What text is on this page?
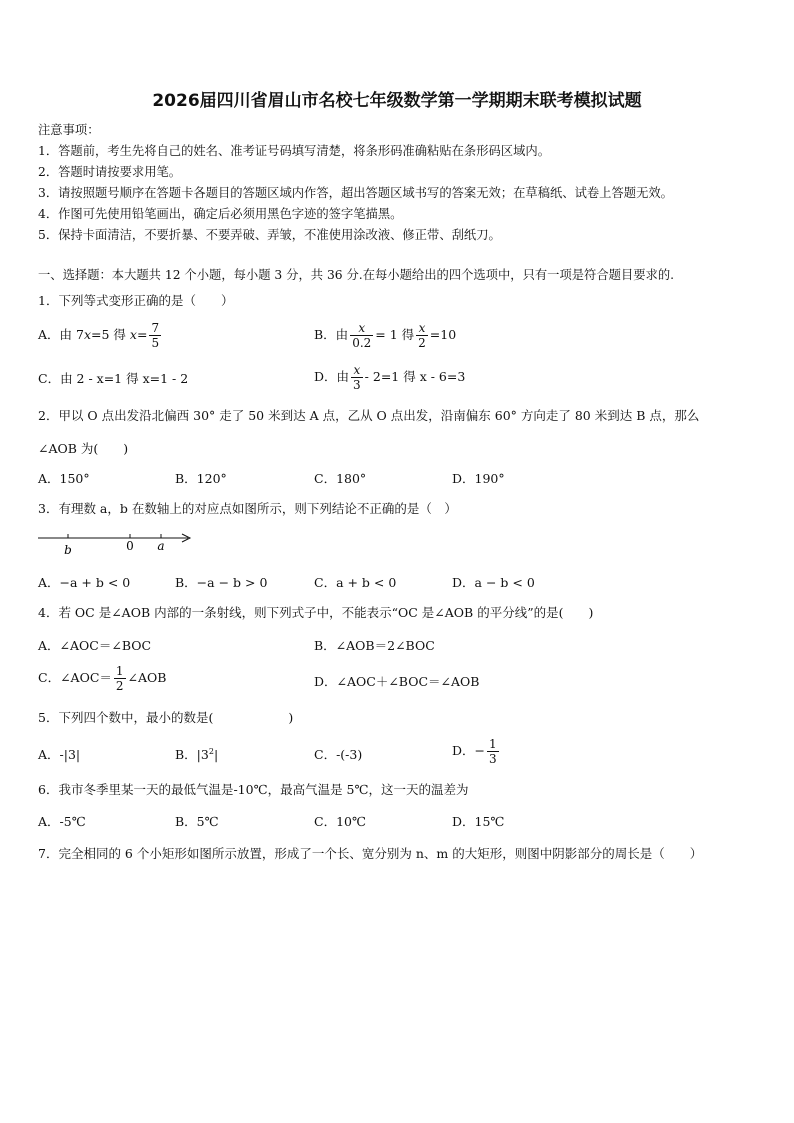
2026届四川省眉山市名校七年级数学第一学期期末联考模拟试题
注意事项：
1．答题前，考生先将自己的姓名、准考证号码填写清楚，将条形码准确粘贴在条形码区域内。
2．答题时请按要求用笔。
3．请按照题号顺序在答题卡各题目的答题区域内作答，超出答题区域书写的答案无效；在草稿纸、试卷上答题无效。
4．作图可先使用铅笔画出，确定后必须用黑色字迹的签字笔描黑。
5．保持卡面清洁，不要折暴、不要弄破、弄皱，不准使用涂改液、修正带、刮纸刀。
一、选择题：本大题共 12 个小题，每小题 3 分，共 36 分.在每小题给出的四个选项中，只有一项是符合题目要求的.
1．下列等式变形正确的是（　　）
A．由 7x=5 得 $x= \frac{7}{5}$	B．由 $\frac{x}{0.2} = 1$ 得 $\frac{x}{2} =10$
C．由 2 - x=1 得 x=1 - 2	D．由 $\frac{x}{3} - 2=1$ 得 x - 6=3
2．甲以 O 点出发沿北偏西 30° 走了 50 米到达 A 点，乙从 O 点出发，沿南偏东 60° 方向走了 80 米到达 B 点，那么
∠AOB 为(　　)
A．150°	B．120°	C．180°	D．190°
3．有理数 a，b 在数轴上的对应点如图所示，则下列结论不正确的是（　）
b	0 a
A．−a + b < 0	B．−a − b > 0	C．a + b < 0	D．a − b < 0
4．若 OC 是∠AOB 内部的一条射线，则下列式子中，不能表示“OC 是∠AOB 的平分线”的是(　　)
A．∠AOC＝∠BOC	B．∠AOB＝2∠BOC
C．∠AOC＝ $\frac{1}{2}$ ∠AOB	D．∠AOC＋∠BOC＝∠AOB
5．下列四个数中，最小的数是(　　　　　　)
A．-|3|	B．$|3^2|$	C．-(-3)	D．− $\frac{1}{3}$
6．我市冬季里某一天的最低气温是-10℃，最高气温是 5℃，这一天的温差为
A．-5℃	B．5℃	C．10℃	D．15℃
7．完全相同的 6 个小矩形如图所示放置，形成了一个长、宽分别为 n、m 的大矩形，则图中阴影部分的周长是（　　）
